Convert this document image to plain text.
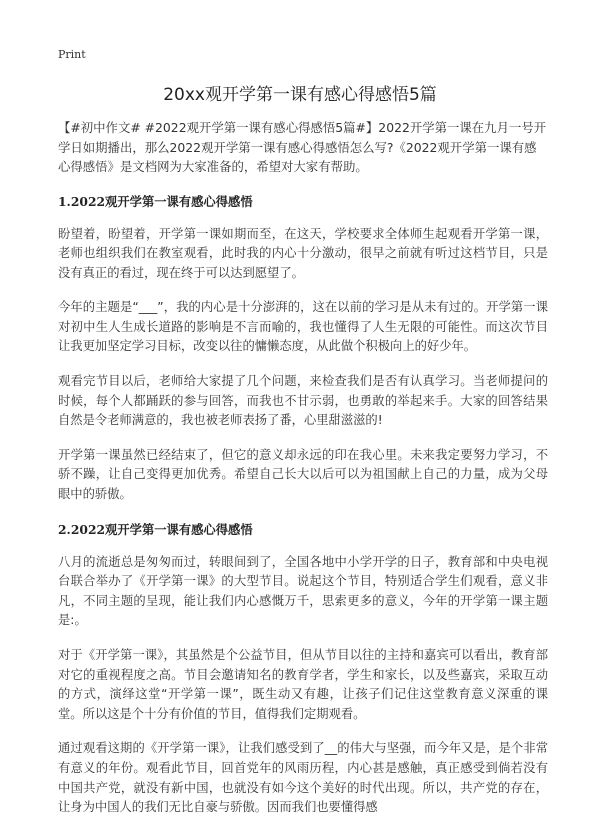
Print
20xx观开学第一课有感心得感悟5篇

【#初中作文# #2022观开学第一课有感心得感悟5篇#】2022开学第一课在九月一号开学日如期播出，那么2022观开学第一课有感心得感悟怎么写?《2022观开学第一课有感心得感悟》是文档网为大家准备的，希望对大家有帮助。

1.2022观开学第一课有感心得感悟

盼望着，盼望着，开学第一课如期而至，在这天，学校要求全体师生起观看开学第一课，老师也组织我们在教室观看，此时我的内心十分激动，很早之前就有听过这档节目，只是没有真正的看过，现在终于可以达到愿望了。

今年的主题是“___”，我的内心是十分澎湃的，这在以前的学习是从未有过的。开学第一课对初中生人生成长道路的影响是不言而喻的，我也懂得了人生无限的可能性。而这次节目让我更加坚定学习目标，改变以往的慵懒态度，从此做个积极向上的好少年。

观看完节目以后，老师给大家提了几个问题，来检查我们是否有认真学习。当老师提问的时候，每个人都踊跃的参与回答，而我也不甘示弱，也勇敢的举起来手。大家的回答结果自然是令老师满意的，我也被老师表扬了番，心里甜滋滋的!

开学第一课虽然已经结束了，但它的意义却永远的印在我心里。未来我定要努力学习，不骄不躁，让自己变得更加优秀。希望自己长大以后可以为祖国献上自己的力量，成为父母眼中的骄傲。

2.2022观开学第一课有感心得感悟

八月的流逝总是匆匆而过，转眼间到了，全国各地中小学开学的日子，教育部和中央电视台联合举办了《开学第一课》的大型节目。说起这个节目，特别适合学生们观看，意义非凡，不同主题的呈现，能让我们内心感慨万千，思索更多的意义，今年的开学第一课主题是:。

对于《开学第一课》，其虽然是个公益节目，但从节目以往的主持和嘉宾可以看出，教育部对它的重视程度之高。节目会邀请知名的教育学者，学生和家长，以及些嘉宾，采取互动的方式，演绎这堂“开学第一课”，既生动又有趣，让孩子们记住这堂教育意义深重的课堂。所以这是个十分有价值的节目，值得我们定期观看。

通过观看这期的《开学第一课》，让我们感受到了__的伟大与坚强，而今年又是，是个非常有意义的年份。观看此节目，回首党年的风雨历程，内心甚是感触，真正感受到倘若没有中国共产党，就没有新中国，也就没有如今这个美好的时代出现。所以，共产党的存在，让身为中国人的我们无比自豪与骄傲。因而我们也要懂得感
